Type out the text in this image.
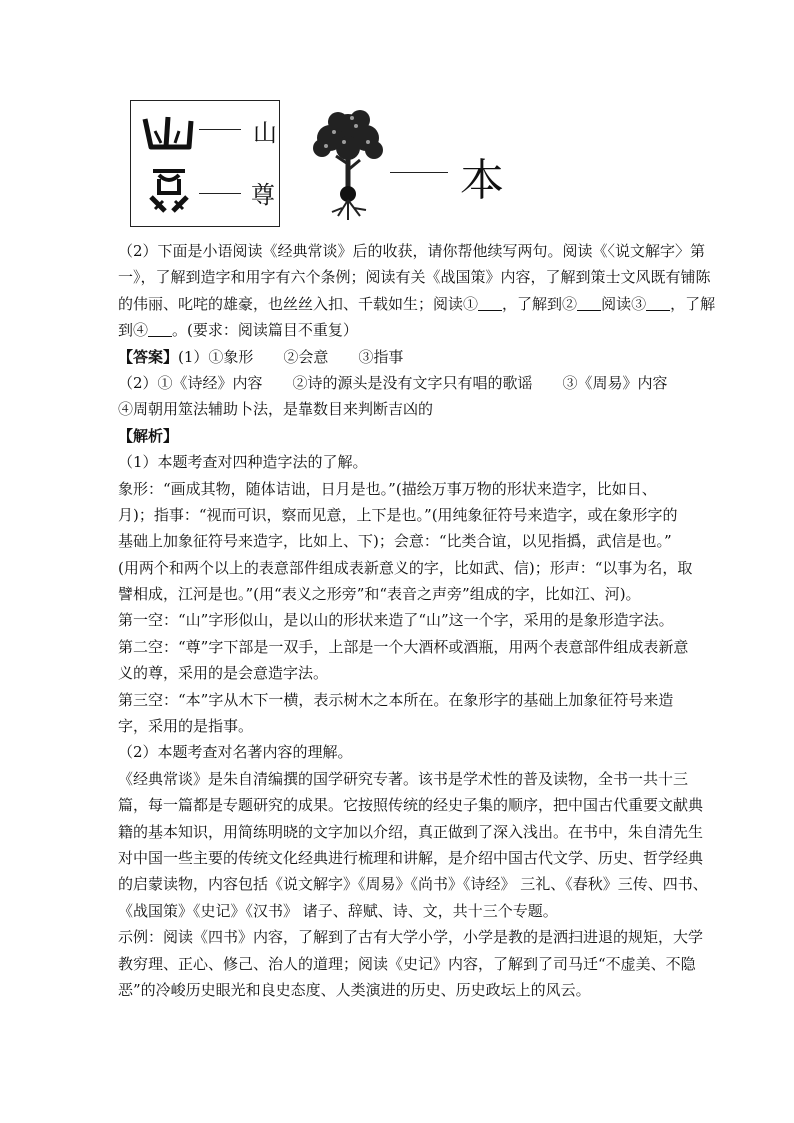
山
尊	本
（2）下面是小语阅读《经典常谈》后的收获，请你帮他续写两句。阅读《〈说文解字〉第
一》，了解到造字和用字有六个条例；阅读有关《战国策》内容，了解到策士文风既有铺陈
的伟丽、叱咤的雄豪，也丝丝入扣、千载如生；阅读① ，了解到② 阅读③ ，了解
到④ 。(要求：阅读篇目不重复）
【答案】(1）①象形　　②会意　　③指事
（2）①《诗经》内容　　②诗的源头是没有文字只有唱的歌谣　　③《周易》内容
④周朝用筮法辅助卜法，是靠数目来判断吉凶的
【解析】
（1）本题考查对四种造字法的了解。
象形：“画成其物，随体诘诎，日月是也。”(描绘万事万物的形状来造字，比如日、
月)；指事：“视而可识，察而见意，上下是也。”(用纯象征符号来造字，或在象形字的
基础上加象征符号来造字，比如上、下)；会意：“比类合谊，以见指撝，武信是也。”
(用两个和两个以上的表意部件组成表新意义的字，比如武、信)；形声：“以事为名，取
譬相成，江河是也。”(用“表义之形旁”和“表音之声旁”组成的字，比如江、河)。
第一空：“山”字形似山，是以山的形状来造了“山”这一个字，采用的是象形造字法。
第二空：“尊”字下部是一双手，上部是一个大酒杯或酒瓶，用两个表意部件组成表新意
义的尊，采用的是会意造字法。
第三空：“本”字从木下一横，表示树木之本所在。在象形字的基础上加象征符号来造
字，采用的是指事。
（2）本题考查对名著内容的理解。
《经典常谈》是朱自清编撰的国学研究专著。该书是学术性的普及读物，全书一共十三
篇，每一篇都是专题研究的成果。它按照传统的经史子集的顺序，把中国古代重要文献典
籍的基本知识，用简练明晓的文字加以介绍，真正做到了深入浅出。在书中，朱自清先生
对中国一些主要的传统文化经典进行梳理和讲解，是介绍中国古代文学、历史、哲学经典
的启蒙读物，内容包括《说文解字》《周易》《尚书》《诗经》 三礼、《春秋》三传、四书、
《战国策》《史记》《汉书》 诸子、辞赋、诗、文，共十三个专题。
示例：阅读《四书》内容，了解到了古有大学小学，小学是教的是洒扫进退的规矩，大学
教穷理、正心、修己、治人的道理；阅读《史记》内容，了解到了司马迁“不虚美、不隐
恶”的冷峻历史眼光和良史态度、人类演进的历史、历史政坛上的风云。
